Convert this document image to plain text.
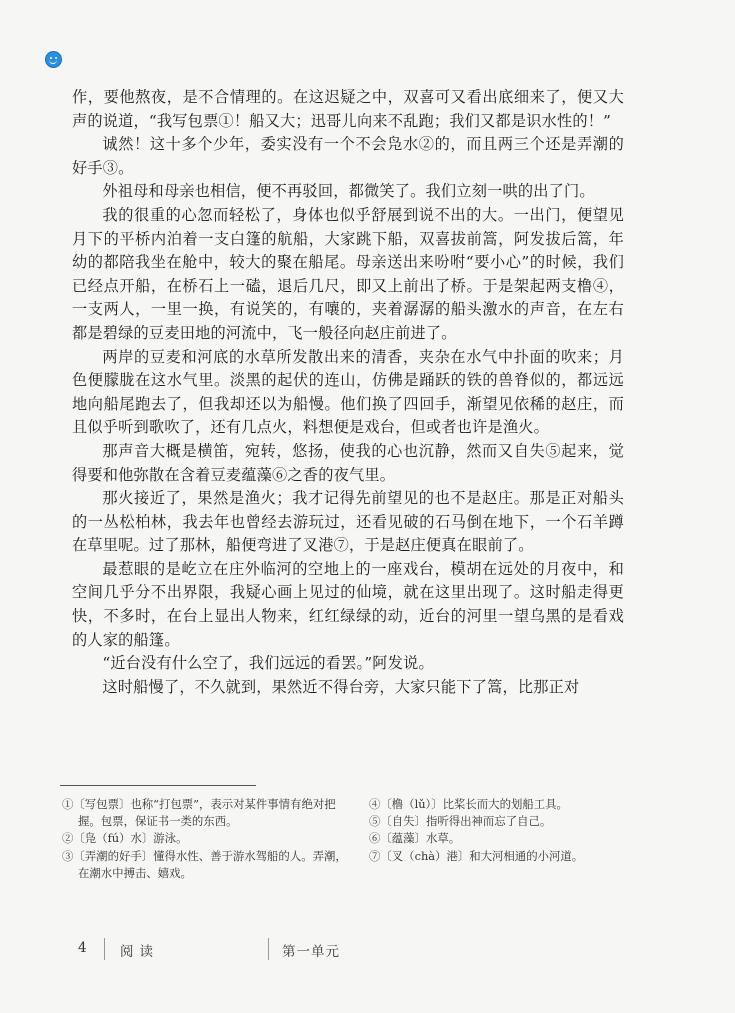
作，要他熬夜，是不合情理的。在这迟疑之中，双喜可又看出底细来了，便又大声的说道，“我写包票①！船又大；迅哥儿向来不乱跑；我们又都是识水性的！”

诚然！这十多个少年，委实没有一个不会凫水②的，而且两三个还是弄潮的好手③。

外祖母和母亲也相信，便不再驳回，都微笑了。我们立刻一哄的出了门。

我的很重的心忽而轻松了，身体也似乎舒展到说不出的大。一出门，便望见月下的平桥内泊着一支白篷的航船，大家跳下船，双喜拔前篙，阿发拔后篙，年幼的都陪我坐在舱中，较大的聚在船尾。母亲送出来吩咐“要小心”的时候，我们已经点开船，在桥石上一磕，退后几尺，即又上前出了桥。于是架起两支橹④，一支两人，一里一换，有说笑的，有嚷的，夹着潺潺的船头激水的声音，在左右都是碧绿的豆麦田地的河流中，飞一般径向赵庄前进了。

两岸的豆麦和河底的水草所发散出来的清香，夹杂在水气中扑面的吹来；月色便朦胧在这水气里。淡黑的起伏的连山，仿佛是踊跃的铁的兽脊似的，都远远地向船尾跑去了，但我却还以为船慢。他们换了四回手，渐望见依稀的赵庄，而且似乎听到歌吹了，还有几点火，料想便是戏台，但或者也许是渔火。

那声音大概是横笛，宛转，悠扬，使我的心也沉静，然而又自失⑤起来，觉得要和他弥散在含着豆麦蕴藻⑥之香的夜气里。

那火接近了，果然是渔火；我才记得先前望见的也不是赵庄。那是正对船头的一丛松柏林，我去年也曾经去游玩过，还看见破的石马倒在地下，一个石羊蹲在草里呢。过了那林，船便弯进了叉港⑦，于是赵庄便真在眼前了。

最惹眼的是屹立在庄外临河的空地上的一座戏台，模胡在远处的月夜中，和空间几乎分不出界限，我疑心画上见过的仙境，就在这里出现了。这时船走得更快，不多时，在台上显出人物来，红红绿绿的动，近台的河里一望乌黑的是看戏的人家的船篷。

“近台没有什么空了，我们远远的看罢。”阿发说。

这时船慢了，不久就到，果然近不得台旁，大家只能下了篙，比那正对

①〔写包票〕也称“打包票”，表示对某件事情有绝对把握。包票，保证书一类的东西。

②〔凫（fú）水〕游泳。

③〔弄潮的好手〕懂得水性、善于游水驾船的人。弄潮，在潮水中搏击、嬉戏。

④〔橹（lǔ）〕比桨长而大的划船工具。

⑤〔自失〕指听得出神而忘了自己。

⑥〔蕴藻〕水草。

⑦〔叉（chà）港〕和大河相通的小河道。

4 阅读	第一单元
